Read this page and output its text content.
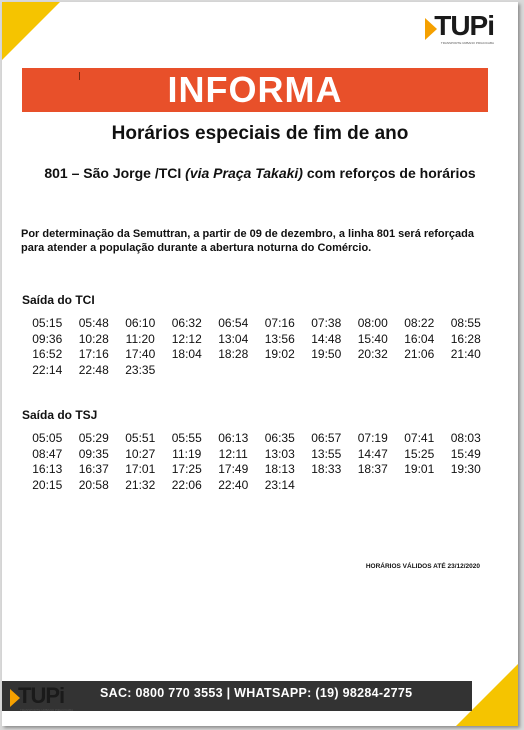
TUPi
TRANSPORTE URBANO PIRACICABA
INFORMA
Horários especiais de fim de ano
801 – São Jorge /TCI (via Praça Takaki) com reforços de horários
Por determinação da Semuttran, a partir de 09 de dezembro, a linha 801 será reforçada para atender a população durante a abertura noturna do Comércio.
Saída do TCI
05:15	05:48	06:10	06:32	06:54	07:16	07:38	08:00	08:22	08:55
09:36	10:28	11:20	12:12	13:04	13:56	14:48	15:40	16:04	16:28
16:52	17:16	17:40	18:04	18:28	19:02	19:50	20:32	21:06	21:40
22:14	22:48	23:35
Saída do TSJ
05:05	05:29	05:51	05:55	06:13	06:35	06:57	07:19	07:41	08:03
08:47	09:35	10:27	11:19	12:11	13:03	13:55	14:47	15:25	15:49
16:13	16:37	17:01	17:25	17:49	18:13	18:33	18:37	19:01	19:30
20:15	20:58	21:32	22:06	22:40	23:14
HORÁRIOS VÁLIDOS ATÉ 23/12/2020
TUPi
TRANSPORTE URBANO PIRACICABA
SAC: 0800 770 3553 | WHATSAPP: (19) 98284-2775
